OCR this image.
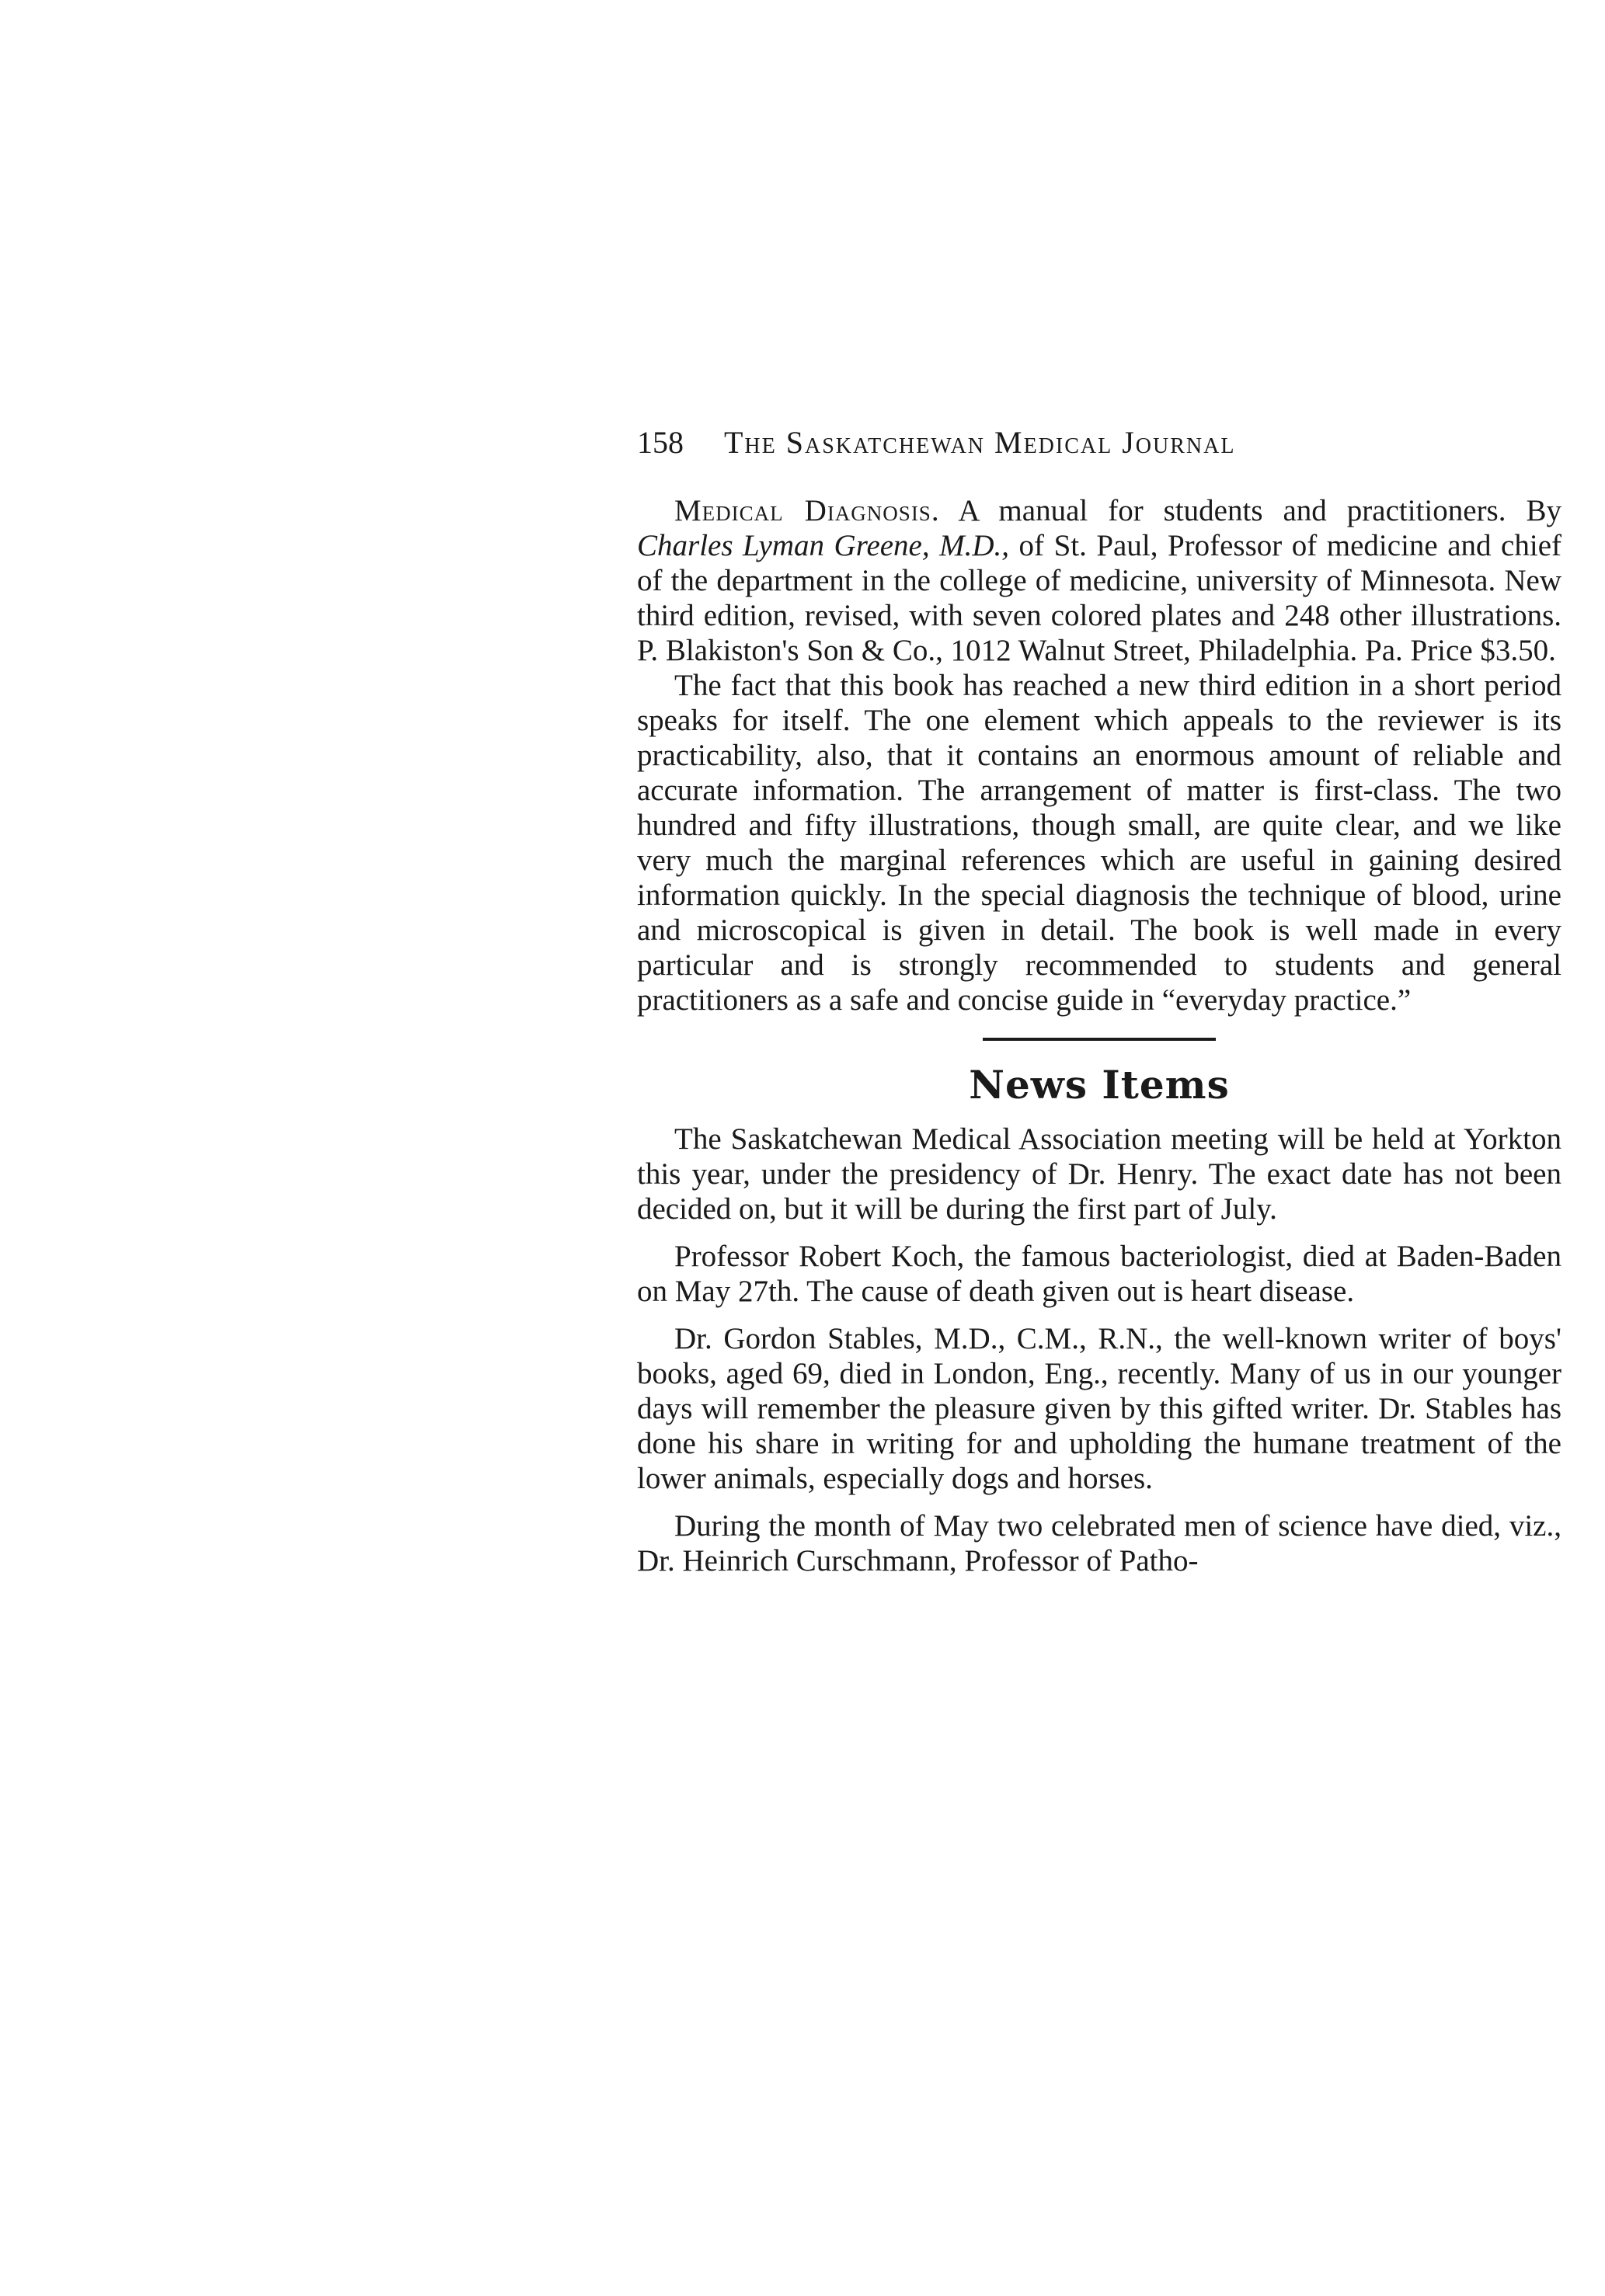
158 The Saskatchewan Medical Journal

Medical Diagnosis. A manual for students and practitioners. By Charles Lyman Greene, M.D., of St. Paul, Professor of medicine and chief of the department in the college of medicine, university of Minnesota. New third edition, revised, with seven colored plates and 248 other illustrations. P. Blakiston's Son & Co., 1012 Walnut Street, Philadelphia. Pa. Price $3.50.

The fact that this book has reached a new third edition in a short period speaks for itself. The one element which appeals to the reviewer is its practicability, also, that it contains an enormous amount of reliable and accurate information. The arrangement of matter is first-class. The two hundred and fifty illustrations, though small, are quite clear, and we like very much the marginal references which are useful in gaining desired information quickly. In the special diagnosis the technique of blood, urine and microscopical is given in detail. The book is well made in every particular and is strongly recommended to students and general practitioners as a safe and concise guide in “everyday practice.”

News Items

The Saskatchewan Medical Association meeting will be held at Yorkton this year, under the presidency of Dr. Henry. The exact date has not been decided on, but it will be during the first part of July.

Professor Robert Koch, the famous bacteriologist, died at Baden-Baden on May 27th. The cause of death given out is heart disease.

Dr. Gordon Stables, M.D., C.M., R.N., the well-known writer of boys' books, aged 69, died in London, Eng., recently. Many of us in our younger days will remember the pleasure given by this gifted writer. Dr. Stables has done his share in writing for and upholding the humane treatment of the lower animals, especially dogs and horses.

During the month of May two celebrated men of science have died, viz., Dr. Heinrich Curschmann, Professor of Patho-
